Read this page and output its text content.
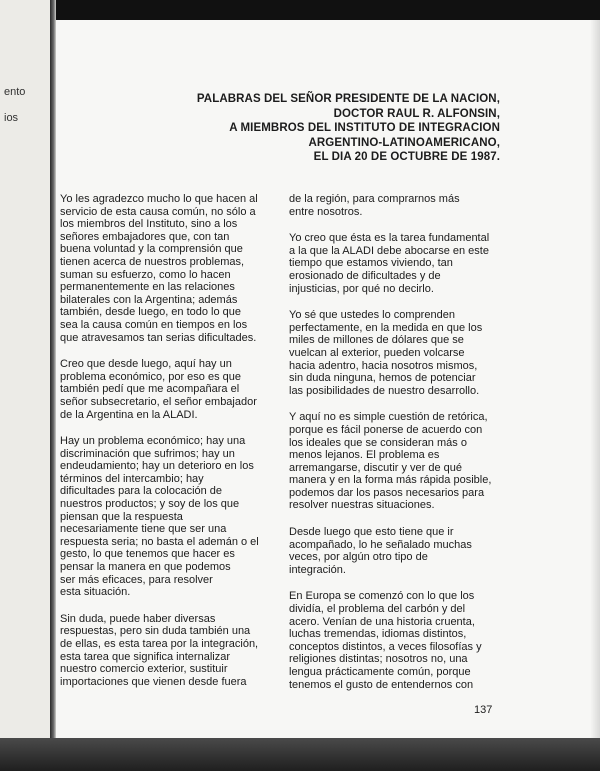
ento
ios
PALABRAS DEL SEÑOR PRESIDENTE DE LA NACION,
DOCTOR RAUL R. ALFONSIN,
A MIEMBROS DEL INSTITUTO DE INTEGRACION
ARGENTINO-LATINOAMERICANO,
EL DIA 20 DE OCTUBRE DE 1987.

Yo les agradezco mucho lo que hacen al
servicio de esta causa común, no sólo a
los miembros del Instituto, sino a los
señores embajadores que, con tan
buena voluntad y la comprensión que
tienen acerca de nuestros problemas,
suman su esfuerzo, como lo hacen
permanentemente en las relaciones
bilaterales con la Argentina; además
también, desde luego, en todo lo que
sea la causa común en tiempos en los
que atravesamos tan serias dificultades.

Creo que desde luego, aquí hay un
problema económico, por eso es que
también pedí que me acompañara el
señor subsecretario, el señor embajador
de la Argentina en la ALADI.

Hay un problema económico; hay una
discriminación que sufrimos; hay un
endeudamiento; hay un deterioro en los
términos del intercambio; hay
dificultades para la colocación de
nuestros productos; y soy de los que
piensan que la respuesta
necesariamente tiene que ser una
respuesta seria; no basta el ademán o el
gesto, lo que tenemos que hacer es
pensar la manera en que podemos
ser más eficaces, para resolver
esta situación.

Sin duda, puede haber diversas
respuestas, pero sin duda también una
de ellas, es esta tarea por la integración,
esta tarea que significa internalizar
nuestro comercio exterior, sustituir
importaciones que vienen desde fuera

de la región, para comprarnos más
entre nosotros.

Yo creo que ésta es la tarea fundamental
a la que la ALADI debe abocarse en este
tiempo que estamos viviendo, tan
erosionado de dificultades y de
injusticias, por qué no decirlo.

Yo sé que ustedes lo comprenden
perfectamente, en la medida en que los
miles de millones de dólares que se
vuelcan al exterior, pueden volcarse
hacia adentro, hacia nosotros mismos,
sin duda ninguna, hemos de potenciar
las posibilidades de nuestro desarrollo.

Y aquí no es simple cuestión de retórica,
porque es fácil ponerse de acuerdo con
los ideales que se consideran más o
menos lejanos. El problema es
arremangarse, discutir y ver de qué
manera y en la forma más rápida posible,
podemos dar los pasos necesarios para
resolver nuestras situaciones.

Desde luego que esto tiene que ir
acompañado, lo he señalado muchas
veces, por algún otro tipo de
integración.

En Europa se comenzó con lo que los
dividía, el problema del carbón y del
acero. Venían de una historia cruenta,
luchas tremendas, idiomas distintos,
conceptos distintos, a veces filosofías y
religiones distintas; nosotros no, una
lengua prácticamente común, porque
tenemos el gusto de entendernos con

137
